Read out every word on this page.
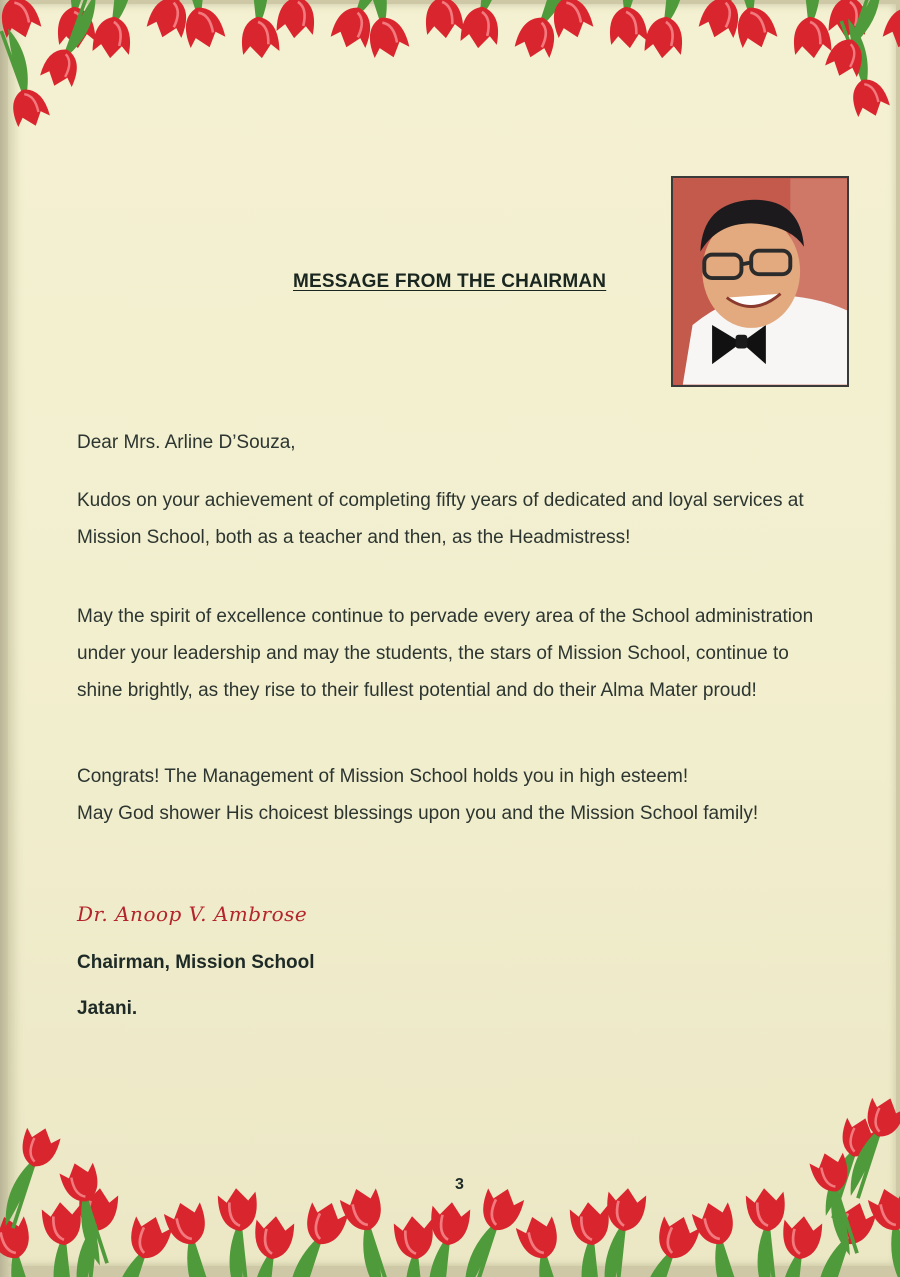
MESSAGE FROM THE CHAIRMAN
Dear Mrs. Arline D’Souza,

Kudos on your achievement of completing fifty years of dedicated and loyal services at

Mission School, both as a teacher and then, as the Headmistress!

May the spirit of excellence continue to pervade every area of the School administration

under your leadership and may the students, the stars of Mission School, continue to

shine brightly, as they rise to their fullest potential and do their Alma Mater proud!

Congrats! The Management of Mission School holds you in high esteem!

May God shower His choicest blessings upon you and the Mission School family!

Dr. Anoop V. Ambrose
Chairman, Mission School
Jatani.
3
